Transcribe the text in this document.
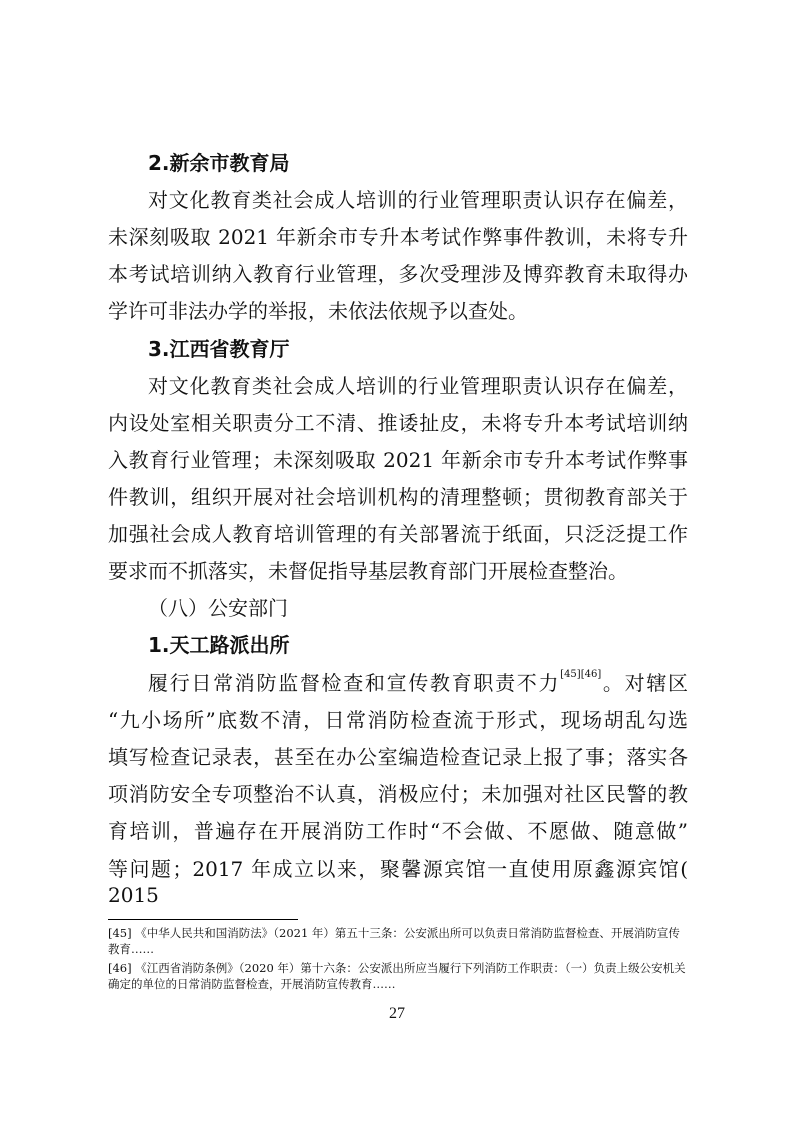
2.新余市教育局
对文化教育类社会成人培训的行业管理职责认识存在偏差，
未深刻吸取 2021 年新余市专升本考试作弊事件教训，未将专升
本考试培训纳入教育行业管理，多次受理涉及博弈教育未取得办
学许可非法办学的举报，未依法依规予以查处。
3.江西省教育厅
对文化教育类社会成人培训的行业管理职责认识存在偏差，
内设处室相关职责分工不清、推诿扯皮，未将专升本考试培训纳
入教育行业管理；未深刻吸取 2021 年新余市专升本考试作弊事
件教训，组织开展对社会培训机构的清理整顿；贯彻教育部关于
加强社会成人教育培训管理的有关部署流于纸面，只泛泛提工作
要求而不抓落实，未督促指导基层教育部门开展检查整治。
（八）公安部门
1.天工路派出所
履行日常消防监督检查和宣传教育职责不力[45][46]。对辖区
“九小场所”底数不清，日常消防检查流于形式，现场胡乱勾选
填写检查记录表，甚至在办公室编造检查记录上报了事；落实各
项消防安全专项整治不认真，消极应付；未加强对社区民警的教
育培训，普遍存在开展消防工作时“不会做、不愿做、随意做”
等问题；2017 年成立以来，聚馨源宾馆一直使用原鑫源宾馆( 2015
[45] 《中华人民共和国消防法》（2021 年）第五十三条：公安派出所可以负责日常消防监督检查、开展消防宣传教育……
[46] 《江西省消防条例》（2020 年）第十六条：公安派出所应当履行下列消防工作职责：（一）负责上级公安机关确定的单位的日常消防监督检查，开展消防宣传教育……
27
